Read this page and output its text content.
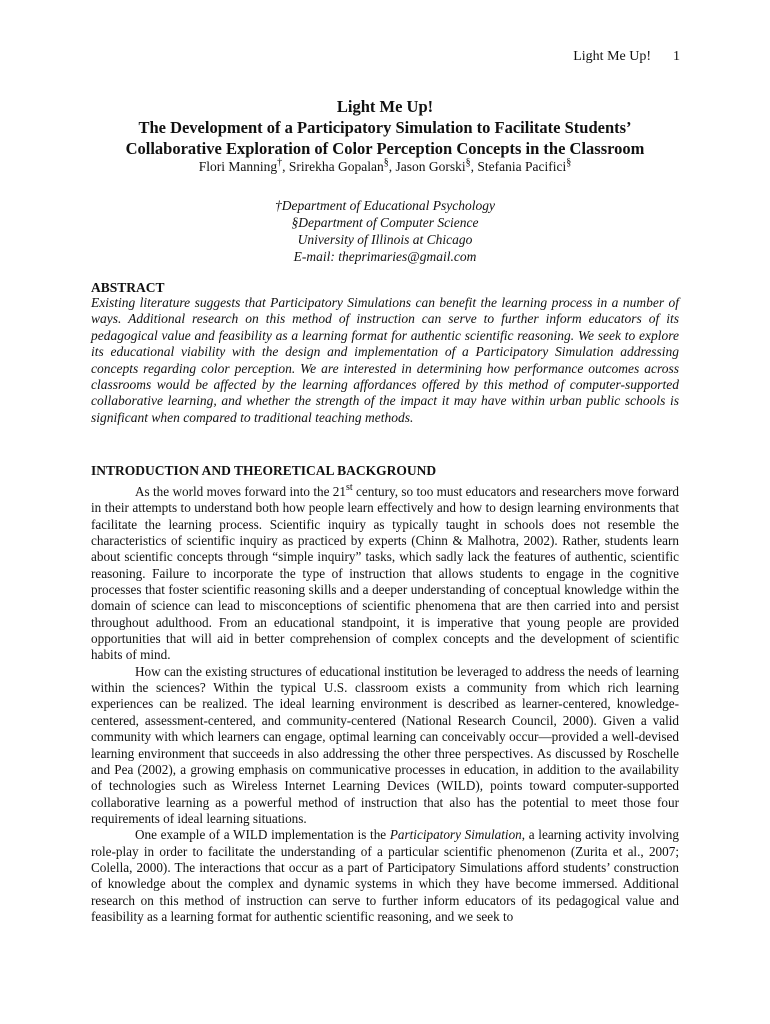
Light Me Up! 1
Light Me Up!
The Development of a Participatory Simulation to Facilitate Students’
Collaborative Exploration of Color Perception Concepts in the Classroom
Flori Manning†, Srirekha Gopalan§, Jason Gorski§, Stefania Pacifici§
†Department of Educational Psychology
§Department of Computer Science
University of Illinois at Chicago
E-mail: theprimaries@gmail.com
ABSTRACT
Existing literature suggests that Participatory Simulations can benefit the learning process in a number of ways. Additional research on this method of instruction can serve to further inform educators of its pedagogical value and feasibility as a learning format for authentic scientific reasoning. We seek to explore its educational viability with the design and implementation of a Participatory Simulation addressing concepts regarding color perception. We are interested in determining how performance outcomes across classrooms would be affected by the learning affordances offered by this method of computer-supported collaborative learning, and whether the strength of the impact it may have within urban public schools is significant when compared to traditional teaching methods.
INTRODUCTION AND THEORETICAL BACKGROUND

As the world moves forward into the 21st century, so too must educators and researchers move forward in their attempts to understand both how people learn effectively and how to design learning environments that facilitate the learning process. Scientific inquiry as typically taught in schools does not resemble the characteristics of scientific inquiry as practiced by experts (Chinn & Malhotra, 2002). Rather, students learn about scientific concepts through “simple inquiry” tasks, which sadly lack the features of authentic, scientific reasoning. Failure to incorporate the type of instruction that allows students to engage in the cognitive processes that foster scientific reasoning skills and a deeper understanding of conceptual knowledge within the domain of science can lead to misconceptions of scientific phenomena that are then carried into and persist throughout adulthood. From an educational standpoint, it is imperative that young people are provided opportunities that will aid in better comprehension of complex concepts and the development of scientific habits of mind.

How can the existing structures of educational institution be leveraged to address the needs of learning within the sciences? Within the typical U.S. classroom exists a community from which rich learning experiences can be realized. The ideal learning environment is described as learner-centered, knowledge-centered, assessment-centered, and community-centered (National Research Council, 2000). Given a valid community with which learners can engage, optimal learning can conceivably occur—provided a well-devised learning environment that succeeds in also addressing the other three perspectives. As discussed by Roschelle and Pea (2002), a growing emphasis on communicative processes in education, in addition to the availability of technologies such as Wireless Internet Learning Devices (WILD), points toward computer-supported collaborative learning as a powerful method of instruction that also has the potential to meet those four requirements of ideal learning situations.

One example of a WILD implementation is the Participatory Simulation, a learning activity involving role-play in order to facilitate the understanding of a particular scientific phenomenon (Zurita et al., 2007; Colella, 2000). The interactions that occur as a part of Participatory Simulations afford students’ construction of knowledge about the complex and dynamic systems in which they have become immersed. Additional research on this method of instruction can serve to further inform educators of its pedagogical value and feasibility as a learning format for authentic scientific reasoning, and we seek to
